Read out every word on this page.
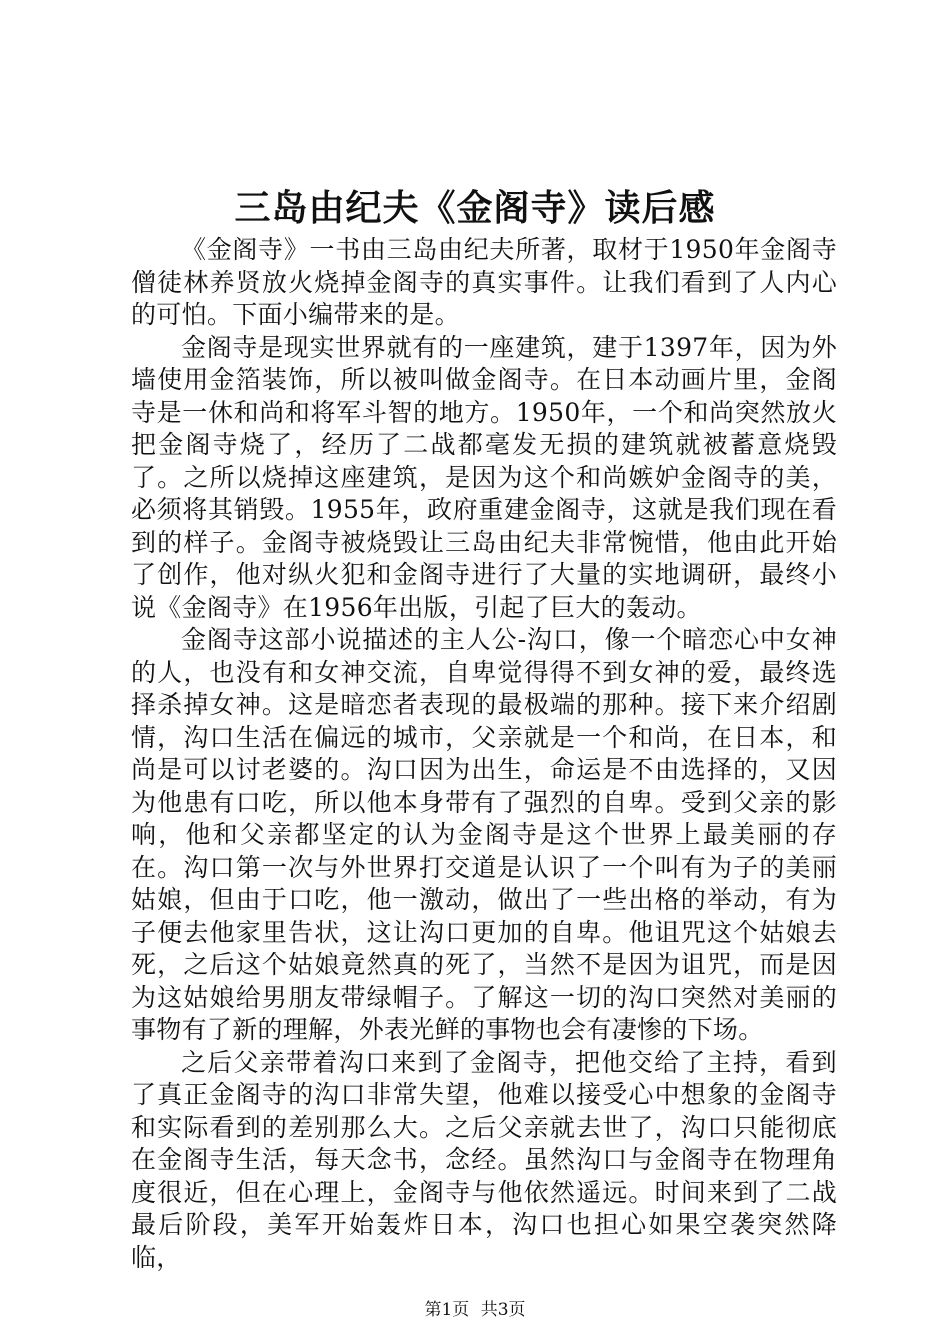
三岛由纪夫《金阁寺》读后感

《金阁寺》一书由三岛由纪夫所著，取材于1950年金阁寺僧徒林养贤放火烧掉金阁寺的真实事件。让我们看到了人内心的可怕。下面小编带来的是。

金阁寺是现实世界就有的一座建筑，建于1397年，因为外墙使用金箔装饰，所以被叫做金阁寺。在日本动画片里，金阁寺是一休和尚和将军斗智的地方。1950年，一个和尚突然放火把金阁寺烧了，经历了二战都毫发无损的建筑就被蓄意烧毁了。之所以烧掉这座建筑，是因为这个和尚嫉妒金阁寺的美，必须将其销毁。1955年，政府重建金阁寺，这就是我们现在看到的样子。金阁寺被烧毁让三岛由纪夫非常惋惜，他由此开始了创作，他对纵火犯和金阁寺进行了大量的实地调研，最终小说《金阁寺》在1956年出版，引起了巨大的轰动。

金阁寺这部小说描述的主人公-沟口，像一个暗恋心中女神的人，也没有和女神交流，自卑觉得得不到女神的爱，最终选择杀掉女神。这是暗恋者表现的最极端的那种。接下来介绍剧情，沟口生活在偏远的城市，父亲就是一个和尚，在日本，和尚是可以讨老婆的。沟口因为出生，命运是不由选择的，又因为他患有口吃，所以他本身带有了强烈的自卑。受到父亲的影响，他和父亲都坚定的认为金阁寺是这个世界上最美丽的存在。沟口第一次与外世界打交道是认识了一个叫有为子的美丽姑娘，但由于口吃，他一激动，做出了一些出格的举动，有为子便去他家里告状，这让沟口更加的自卑。他诅咒这个姑娘去死，之后这个姑娘竟然真的死了，当然不是因为诅咒，而是因为这姑娘给男朋友带绿帽子。了解这一切的沟口突然对美丽的事物有了新的理解，外表光鲜的事物也会有凄惨的下场。

之后父亲带着沟口来到了金阁寺，把他交给了主持，看到了真正金阁寺的沟口非常失望，他难以接受心中想象的金阁寺和实际看到的差别那么大。之后父亲就去世了，沟口只能彻底在金阁寺生活，每天念书，念经。虽然沟口与金阁寺在物理角度很近，但在心理上，金阁寺与他依然遥远。时间来到了二战最后阶段，美军开始轰炸日本，沟口也担心如果空袭突然降临，

第1页 共3页
